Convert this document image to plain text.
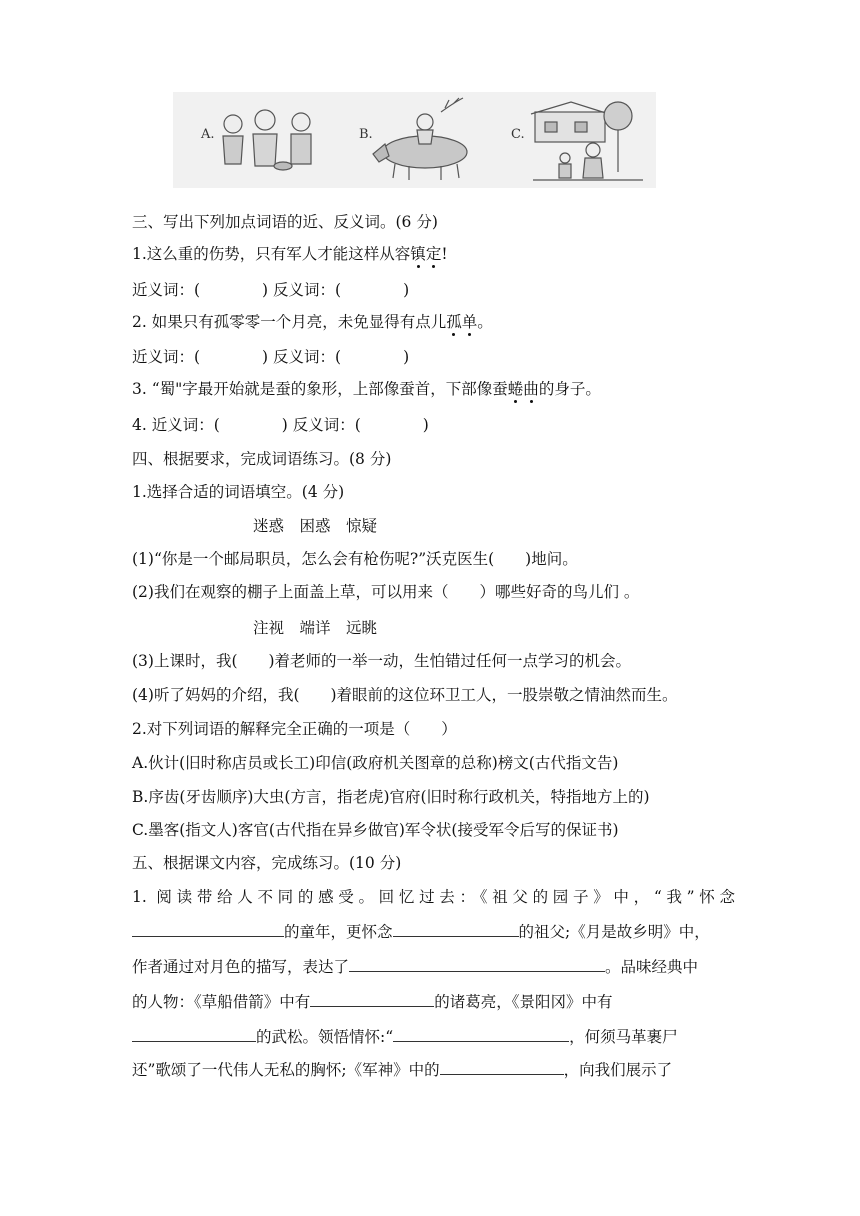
A.	B.	C.
三、写出下列加点词语的近、反义词。(6 分)
1.这么重的伤势，只有军人才能这样从容镇定!
近义词：(　　　　) 反义词：(　　　　)
2. 如果只有孤零零一个月亮，未免显得有点儿孤单。
近义词：(　　　　) 反义词：(　　　　)
3. “蜀"字最开始就是蚕的象形，上部像蚕首，下部像蚕蜷曲的身子。
4. 近义词：(　　　　) 反义词：(　　　　)
四、根据要求，完成词语练习。(8 分)
1.选择合适的词语填空。(4 分)
迷惑　困惑　惊疑
(1)“你是一个邮局职员，怎么会有枪伤呢?”沃克医生(　　)地问。
(2)我们在观察的棚子上面盖上草，可以用来（　　）哪些好奇的鸟儿们 。
注视　端详　远眺
(3)上课时，我(　　)着老师的一举一动，生怕错过任何一点学习的机会。
(4)听了妈妈的介绍，我(　　)着眼前的这位环卫工人，一股崇敬之情油然而生。
2.对下列词语的解释完全正确的一项是（　　）
A.伙计(旧时称店员或长工)印信(政府机关图章的总称)榜文(古代指文告)
B.序齿(牙齿顺序)大虫(方言，指老虎)官府(旧时称行政机关，特指地方上的)
C.墨客(指文人)客官(古代指在异乡做官)军令状(接受军令后写的保证书)
五、根据课文内容，完成练习。(10 分)
1. 阅读带给人不同的感受。回忆过去：《祖父的园子》中，“我”怀念
的童年，更怀念	的祖父;《月是故乡明》中，
作者通过对月色的描写，表达了	。品味经典中
的人物：《草船借箭》中有	的诸葛亮，《景阳冈》中有
的武松。领悟情怀:“	，何须马革裹尸
还”歌颂了一代伟人无私的胸怀;《军神》中的	，向我们展示了
